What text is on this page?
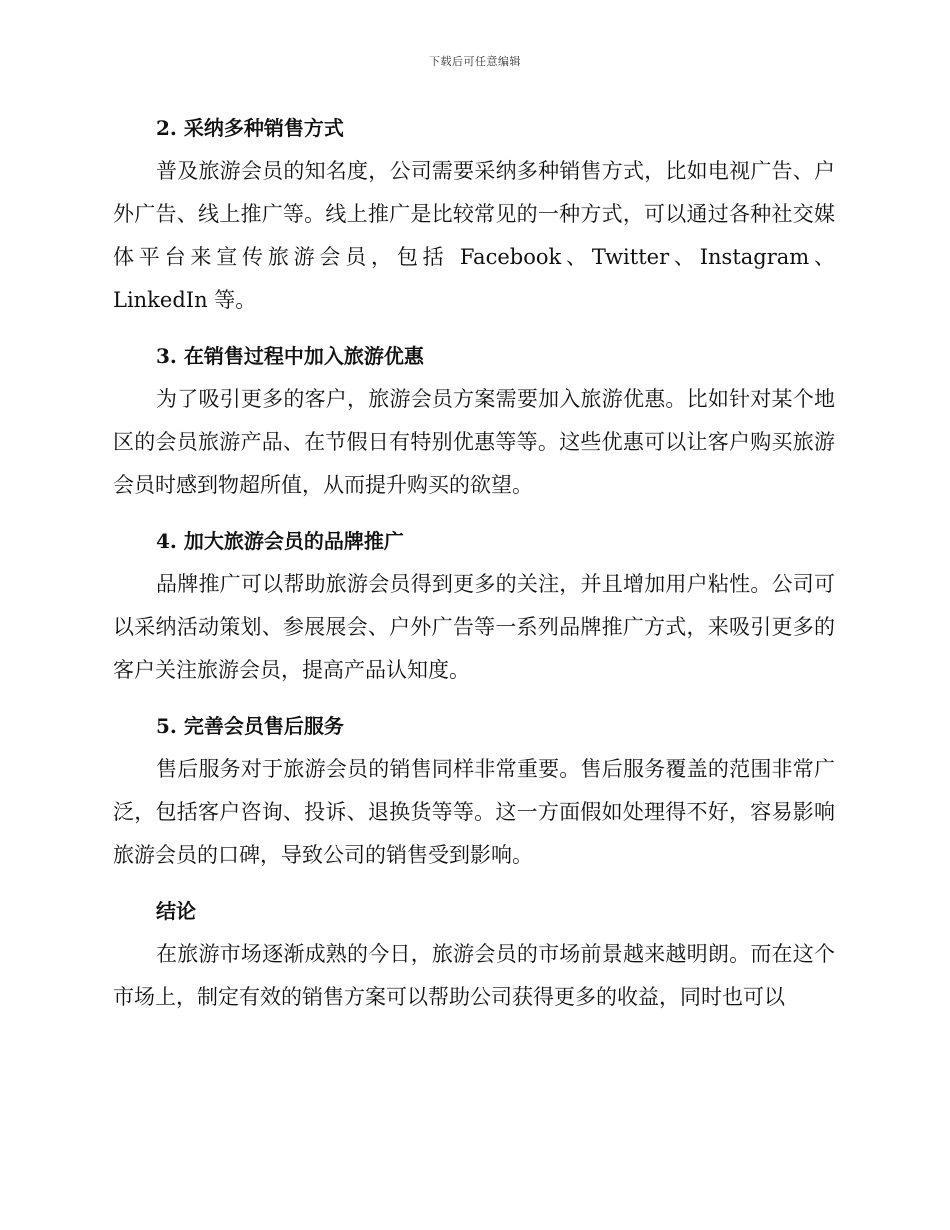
下载后可任意编辑
2. 采纳多种销售方式

普及旅游会员的知名度，公司需要采纳多种销售方式，比如电视广告、户外广告、线上推广等。线上推广是比较常见的一种方式，可以通过各种社交媒体平台来宣传旅游会员，包括 Facebook、Twitter、Instagram、LinkedIn 等。

3. 在销售过程中加入旅游优惠

为了吸引更多的客户，旅游会员方案需要加入旅游优惠。比如针对某个地区的会员旅游产品、在节假日有特别优惠等等。这些优惠可以让客户购买旅游会员时感到物超所值，从而提升购买的欲望。

4. 加大旅游会员的品牌推广

品牌推广可以帮助旅游会员得到更多的关注，并且增加用户粘性。公司可以采纳活动策划、参展展会、户外广告等一系列品牌推广方式，来吸引更多的客户关注旅游会员，提高产品认知度。

5. 完善会员售后服务

售后服务对于旅游会员的销售同样非常重要。售后服务覆盖的范围非常广泛，包括客户咨询、投诉、退换货等等。这一方面假如处理得不好，容易影响旅游会员的口碑，导致公司的销售受到影响。

结论

在旅游市场逐渐成熟的今日，旅游会员的市场前景越来越明朗。而在这个市场上，制定有效的销售方案可以帮助公司获得更多的收益，同时也可以
